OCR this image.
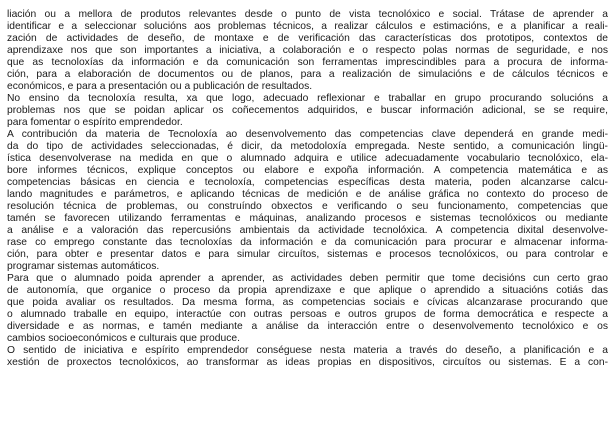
liación ou a mellora de produtos relevantes desde o punto de vista tecnolóxico e social. Trátase de aprender a
identificar e a seleccionar solucións aos problemas técnicos, a realizar cálculos e estimacións, e a planificar a reali-
zación de actividades de deseño, de montaxe e de verificación das características dos prototipos, contextos de
aprendizaxe nos que son importantes a iniciativa, a colaboración e o respecto polas normas de seguridade, e nos
que as tecnoloxías da información e da comunicación son ferramentas imprescindibles para a procura de informa-
ción, para a elaboración de documentos ou de planos, para a realización de simulacións e de cálculos técnicos e
económicos, e para a presentación ou a publicación de resultados.

No ensino da tecnoloxía resulta, xa que logo, adecuado reflexionar e traballar en grupo procurando solucións a
problemas nos que se poidan aplicar os coñecementos adquiridos, e buscar información adicional, se se require,
para fomentar o espírito emprendedor.

A contribución da materia de Tecnoloxía ao desenvolvemento das competencias clave dependerá en grande medi-
da do tipo de actividades seleccionadas, é dicir, da metodoloxía empregada. Neste sentido, a comunicación lingü-
ística desenvolverase na medida en que o alumnado adquira e utilice adecuadamente vocabulario tecnolóxico, ela-
bore informes técnicos, explique conceptos ou elabore e expoña información. A competencia matemática e as
competencias básicas en ciencia e tecnoloxía, competencias específicas desta materia, poden alcanzarse calcu-
lando magnitudes e parámetros, e aplicando técnicas de medición e de análise gráfica no contexto do proceso de
resolución técnica de problemas, ou construíndo obxectos e verificando o seu funcionamento, competencias que
tamén se favorecen utilizando ferramentas e máquinas, analizando procesos e sistemas tecnolóxicos ou mediante
a análise e a valoración das repercusións ambientais da actividade tecnolóxica. A competencia dixital desenvolve-
rase co emprego constante das tecnoloxías da información e da comunicación para procurar e almacenar informa-
ción, para obter e presentar datos e para simular circuítos, sistemas e procesos tecnolóxicos, ou para controlar e
programar sistemas automáticos.

Para que o alumnado poida aprender a aprender, as actividades deben permitir que tome decisións cun certo grao
de autonomía, que organice o proceso da propia aprendizaxe e que aplique o aprendido a situacións cotiás das
que poida avaliar os resultados. Da mesma forma, as competencias sociais e cívicas alcanzarase procurando que
o alumnado traballe en equipo, interactúe con outras persoas e outros grupos de forma democrática e respecte a
diversidade e as normas, e tamén mediante a análise da interacción entre o desenvolvemento tecnolóxico e os
cambios socioeconómicos e culturais que produce.

O sentido de iniciativa e espírito emprendedor conséguese nesta materia a través do deseño, a planificación e a
xestión de proxectos tecnolóxicos, ao transformar as ideas propias en dispositivos, circuítos ou sistemas. E a con-
